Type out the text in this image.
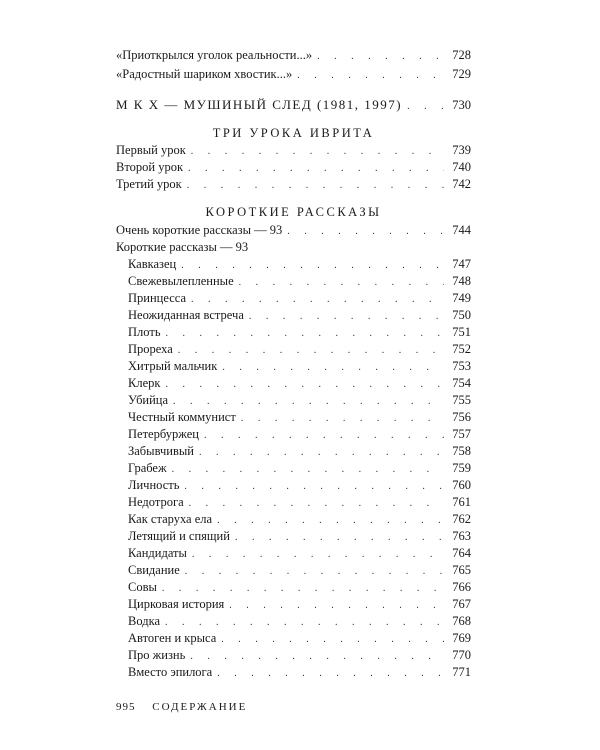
«Приоткрылся уголок реальности...» . . .	728
«Радостный шариком хвостик...» . . .	729
М К Х — МУШИНЫЙ СЛЕД (1981, 1997) . . .	730
ТРИ УРОКА ИВРИТА
Первый урок . . .	739
Второй урок . . .	740
Третий урок . . .	742
КОРОТКИЕ РАССКАЗЫ
Очень короткие рассказы — 93 . . .	744
Короткие рассказы — 93
Кавказец . . .	747
Свежевылепленные . . .	748
Принцесса . . .	749
Неожиданная встреча . . .	750
Плоть . . .	751
Прореха . . .	752
Хитрый мальчик . . .	753
Клерк . . .	754
Убийца . . .	755
Честный коммунист . . .	756
Петербуржец . . .	757
Забывчивый . . .	758
Грабеж . . .	759
Личность . . .	760
Недотрога . . .	761
Как старуха ела . . .	762
Летящий и спящий . . .	763
Кандидаты . . .	764
Свидание . . .	765
Совы . . .	766
Цирковая история . . .	767
Водка . . .	768
Автоген и крыса . . .	769
Про жизнь . . .	770
Вместо эпилога . . .	771
995 СОДЕРЖАНИЕ
